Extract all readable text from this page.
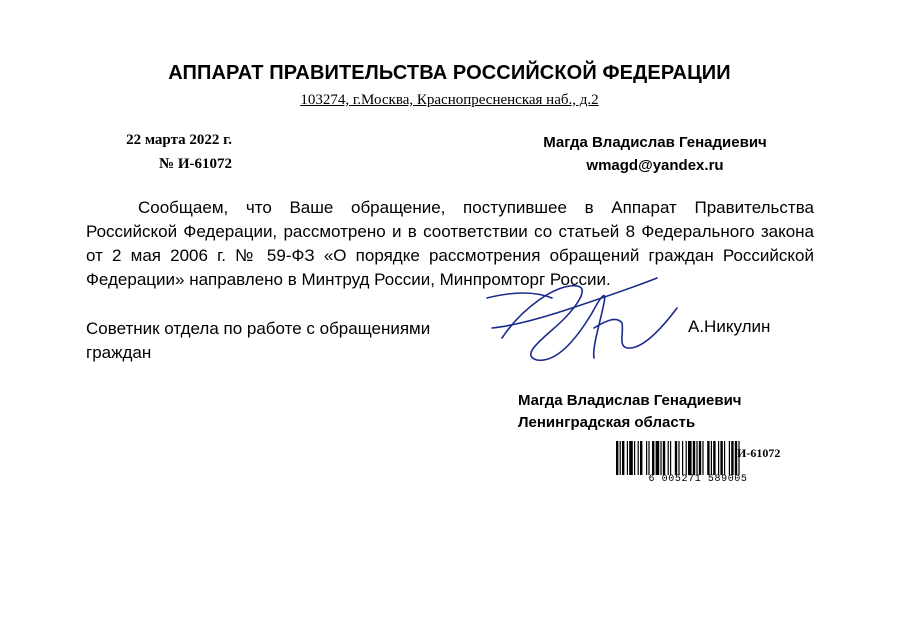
АППАРАТ ПРАВИТЕЛЬСТВА РОССИЙСКОЙ ФЕДЕРАЦИИ
103274, г.Москва, Краснопресненская наб., д.2
22 марта 2022 г.
№ И-61072
Магда Владислав Генадиевич
wmagd@yandex.ru
Сообщаем, что Ваше обращение, поступившее в Аппарат Правительства Российской Федерации, рассмотрено и в соответствии со статьей 8 Федерального закона от 2 мая 2006 г. № 59-ФЗ «О порядке рассмотрения обращений граждан Российской Федерации» направлено в Минтруд России, Минпромторг России.
Советник отдела по работе с обращениями граждан
А.Никулин
Магда Владислав Генадиевич
Ленинградская область
6 005271 589005
И-61072
